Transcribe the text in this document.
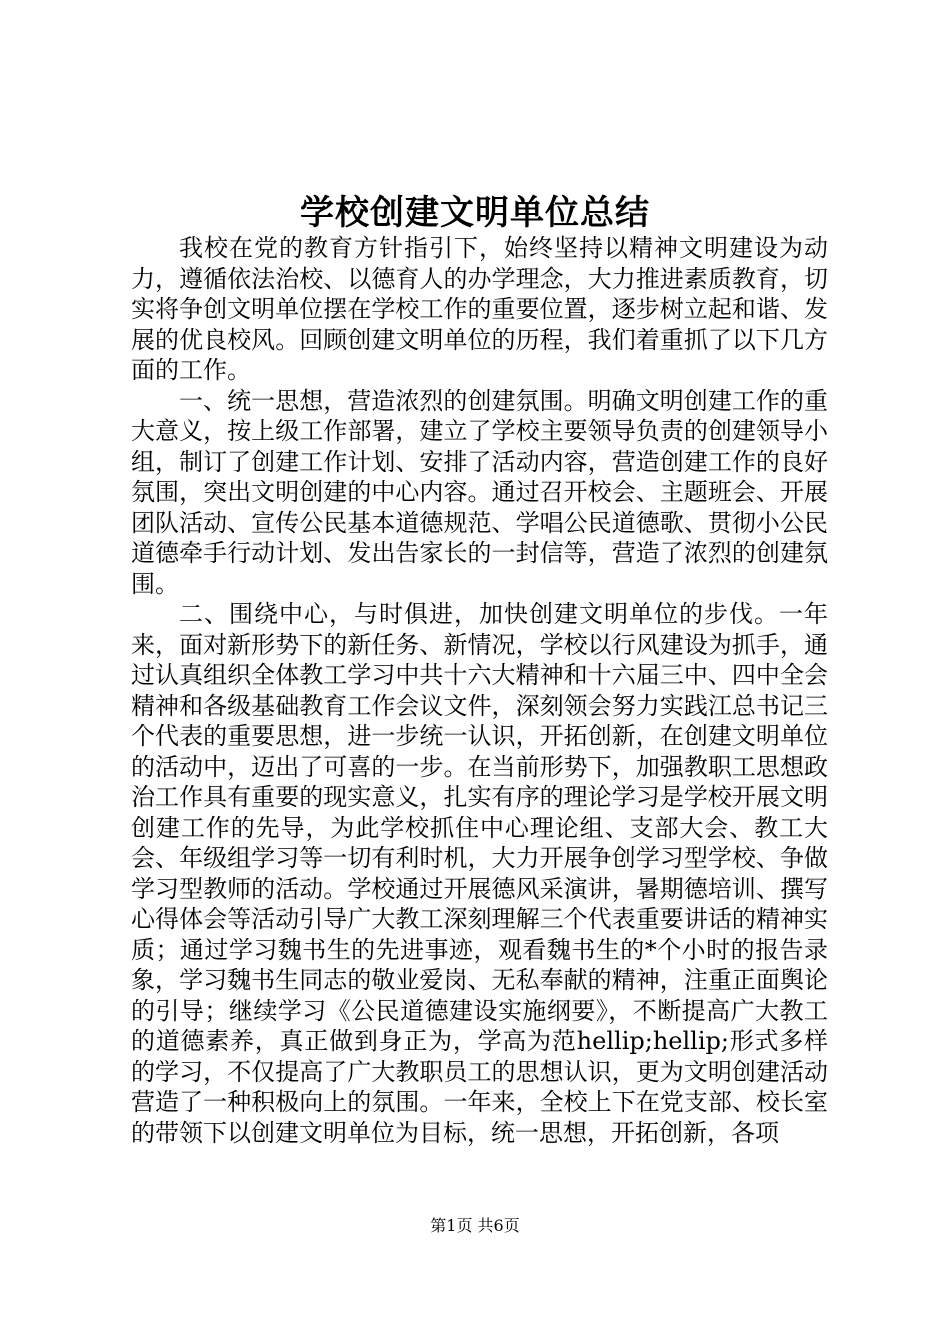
学校创建文明单位总结

我校在党的教育方针指引下，始终坚持以精神文明建设为动力，遵循依法治校、以德育人的办学理念，大力推进素质教育，切实将争创文明单位摆在学校工作的重要位置，逐步树立起和谐、发展的优良校风。回顾创建文明单位的历程，我们着重抓了以下几方面的工作。

一、统一思想，营造浓烈的创建氛围。明确文明创建工作的重大意义，按上级工作部署，建立了学校主要领导负责的创建领导小组，制订了创建工作计划、安排了活动内容，营造创建工作的良好氛围，突出文明创建的中心内容。通过召开校会、主题班会、开展团队活动、宣传公民基本道德规范、学唱公民道德歌、贯彻小公民道德牵手行动计划、发出告家长的一封信等，营造了浓烈的创建氛围。

二、围绕中心，与时俱进，加快创建文明单位的步伐。一年来，面对新形势下的新任务、新情况，学校以行风建设为抓手，通过认真组织全体教工学习中共十六大精神和十六届三中、四中全会精神和各级基础教育工作会议文件，深刻领会努力实践江总书记三个代表的重要思想，进一步统一认识，开拓创新，在创建文明单位的活动中，迈出了可喜的一步。在当前形势下，加强教职工思想政治工作具有重要的现实意义，扎实有序的理论学习是学校开展文明创建工作的先导，为此学校抓住中心理论组、支部大会、教工大会、年级组学习等一切有利时机，大力开展争创学习型学校、争做学习型教师的活动。学校通过开展德风采演讲，暑期德培训、撰写心得体会等活动引导广大教工深刻理解三个代表重要讲话的精神实质；通过学习魏书生的先进事迹，观看魏书生的*个小时的报告录象，学习魏书生同志的敬业爱岗、无私奉献的精神，注重正面舆论的引导；继续学习《公民道德建设实施纲要》，不断提高广大教工的道德素养，真正做到身正为，学高为范hellip;hellip;形式多样的学习，不仅提高了广大教职员工的思想认识，更为文明创建活动营造了一种积极向上的氛围。一年来，全校上下在党支部、校长室的带领下以创建文明单位为目标，统一思想，开拓创新，各项

第1页 共6页
